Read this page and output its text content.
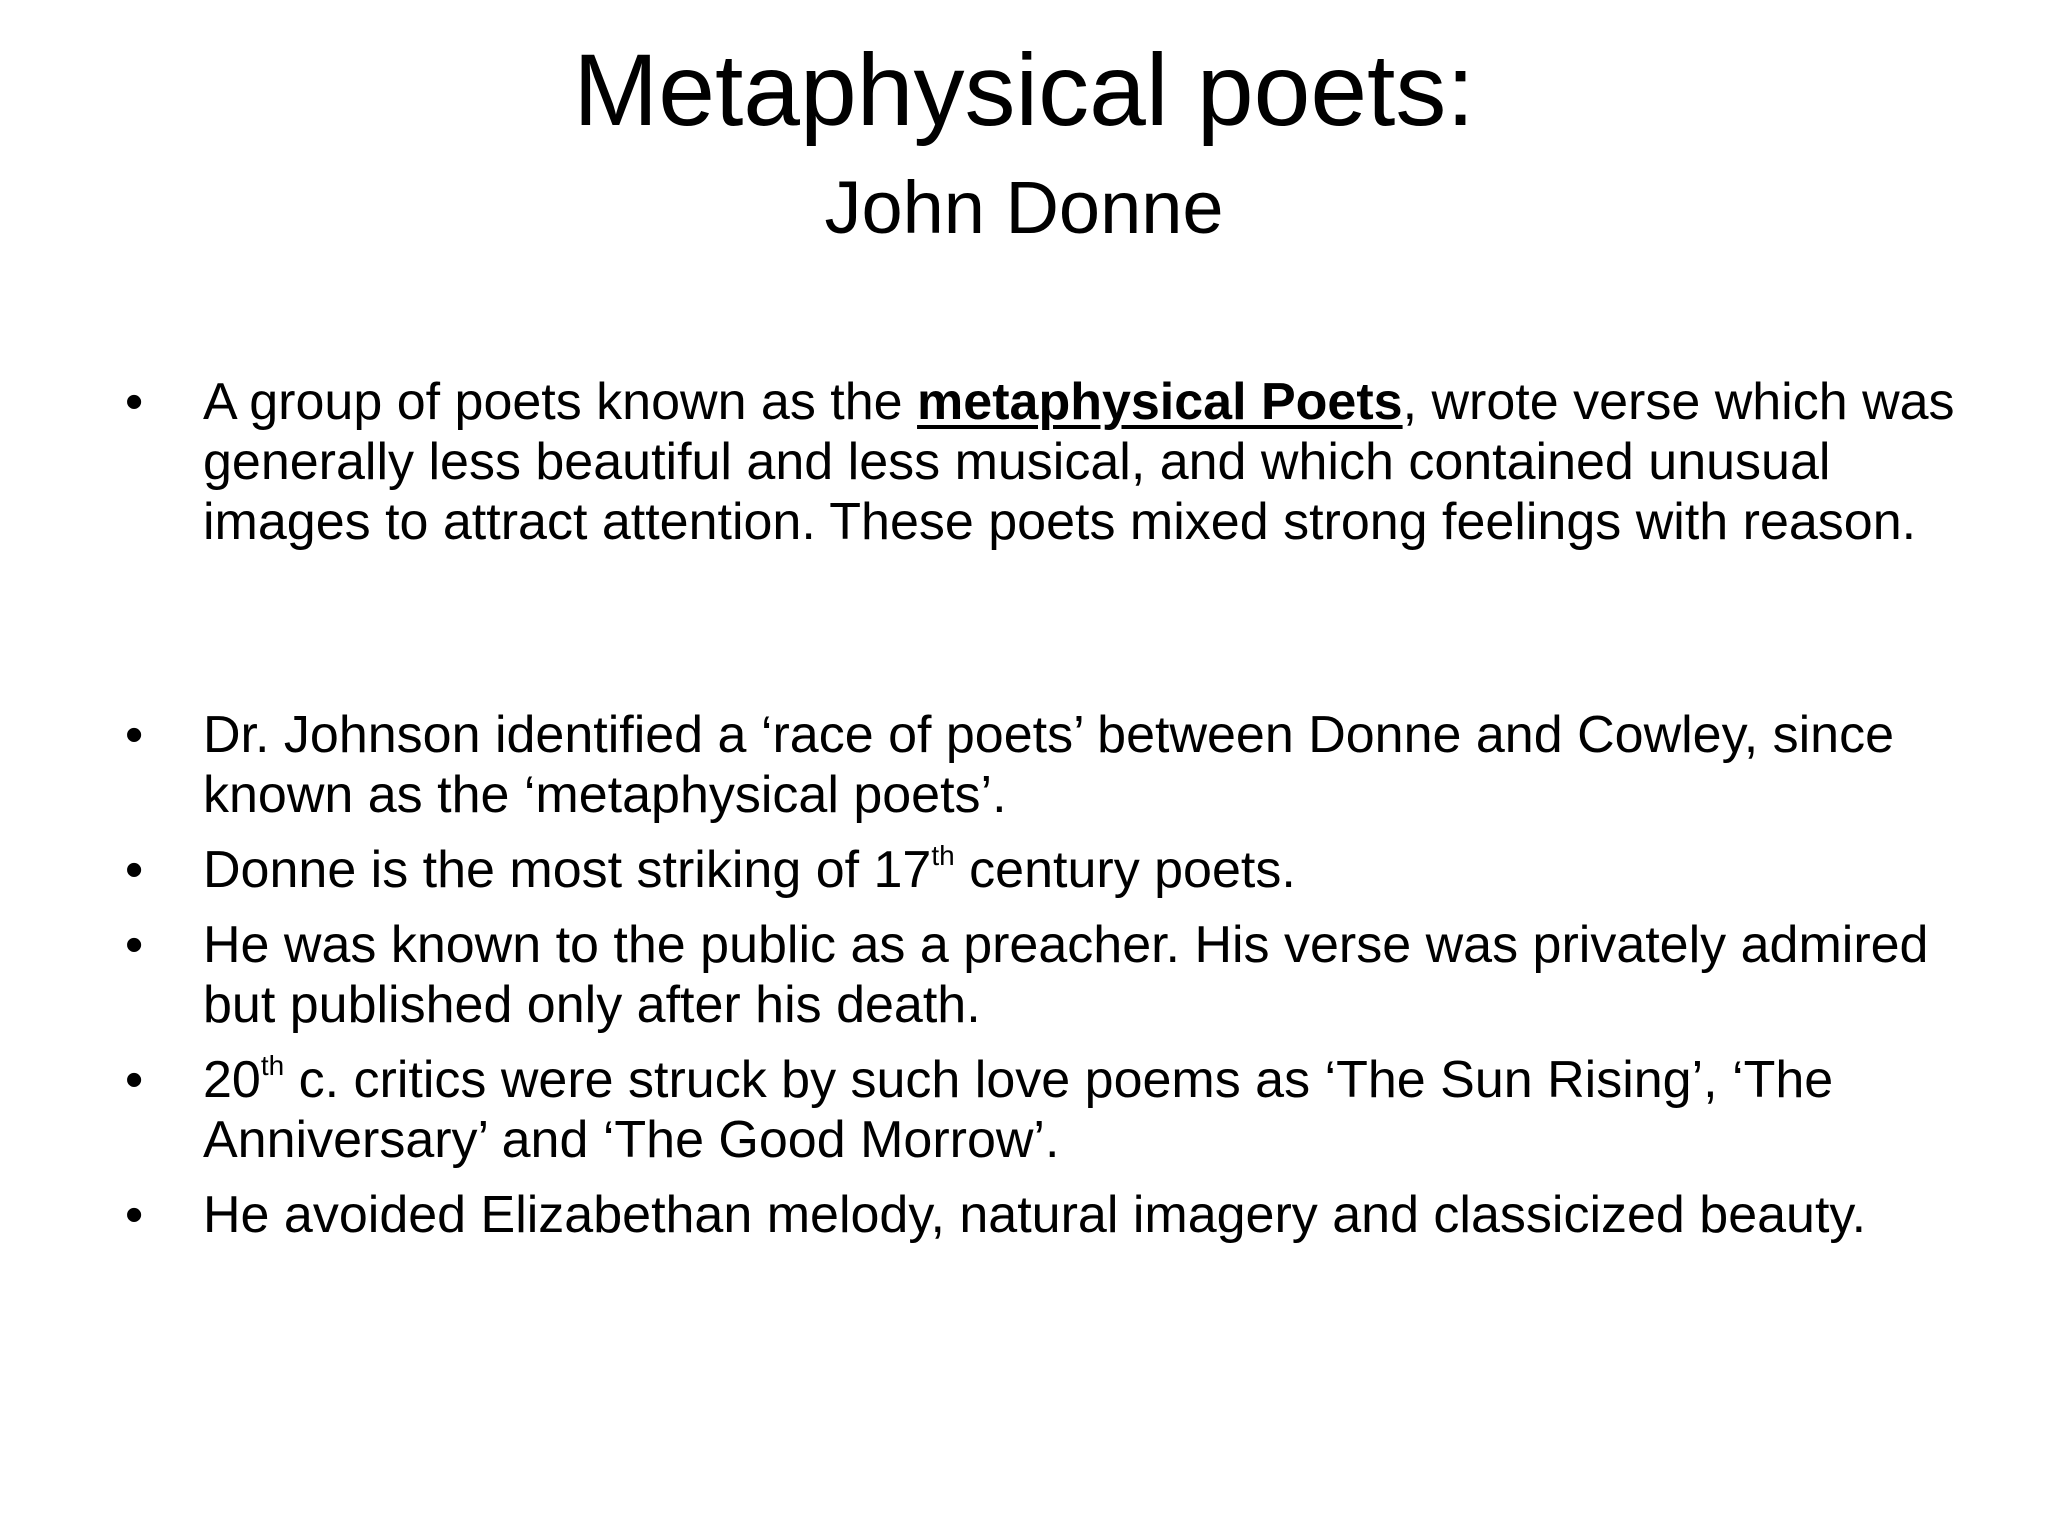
Metaphysical poets:
John Donne
• A group of poets known as the metaphysical Poets, wrote verse which was generally less beautiful and less musical, and which contained unusual images to attract attention. These poets mixed strong feelings with reason.
• Dr. Johnson identified a ‘race of poets’ between Donne and Cowley, since known as the ‘metaphysical poets’.
• Donne is the most striking of 17th century poets.
• He was known to the public as a preacher. His verse was privately admired but published only after his death.
• 20th c. critics were struck by such love poems as ‘The Sun Rising’, ‘The Anniversary’ and ‘The Good Morrow’.
• He avoided Elizabethan melody, natural imagery and classicized beauty.
